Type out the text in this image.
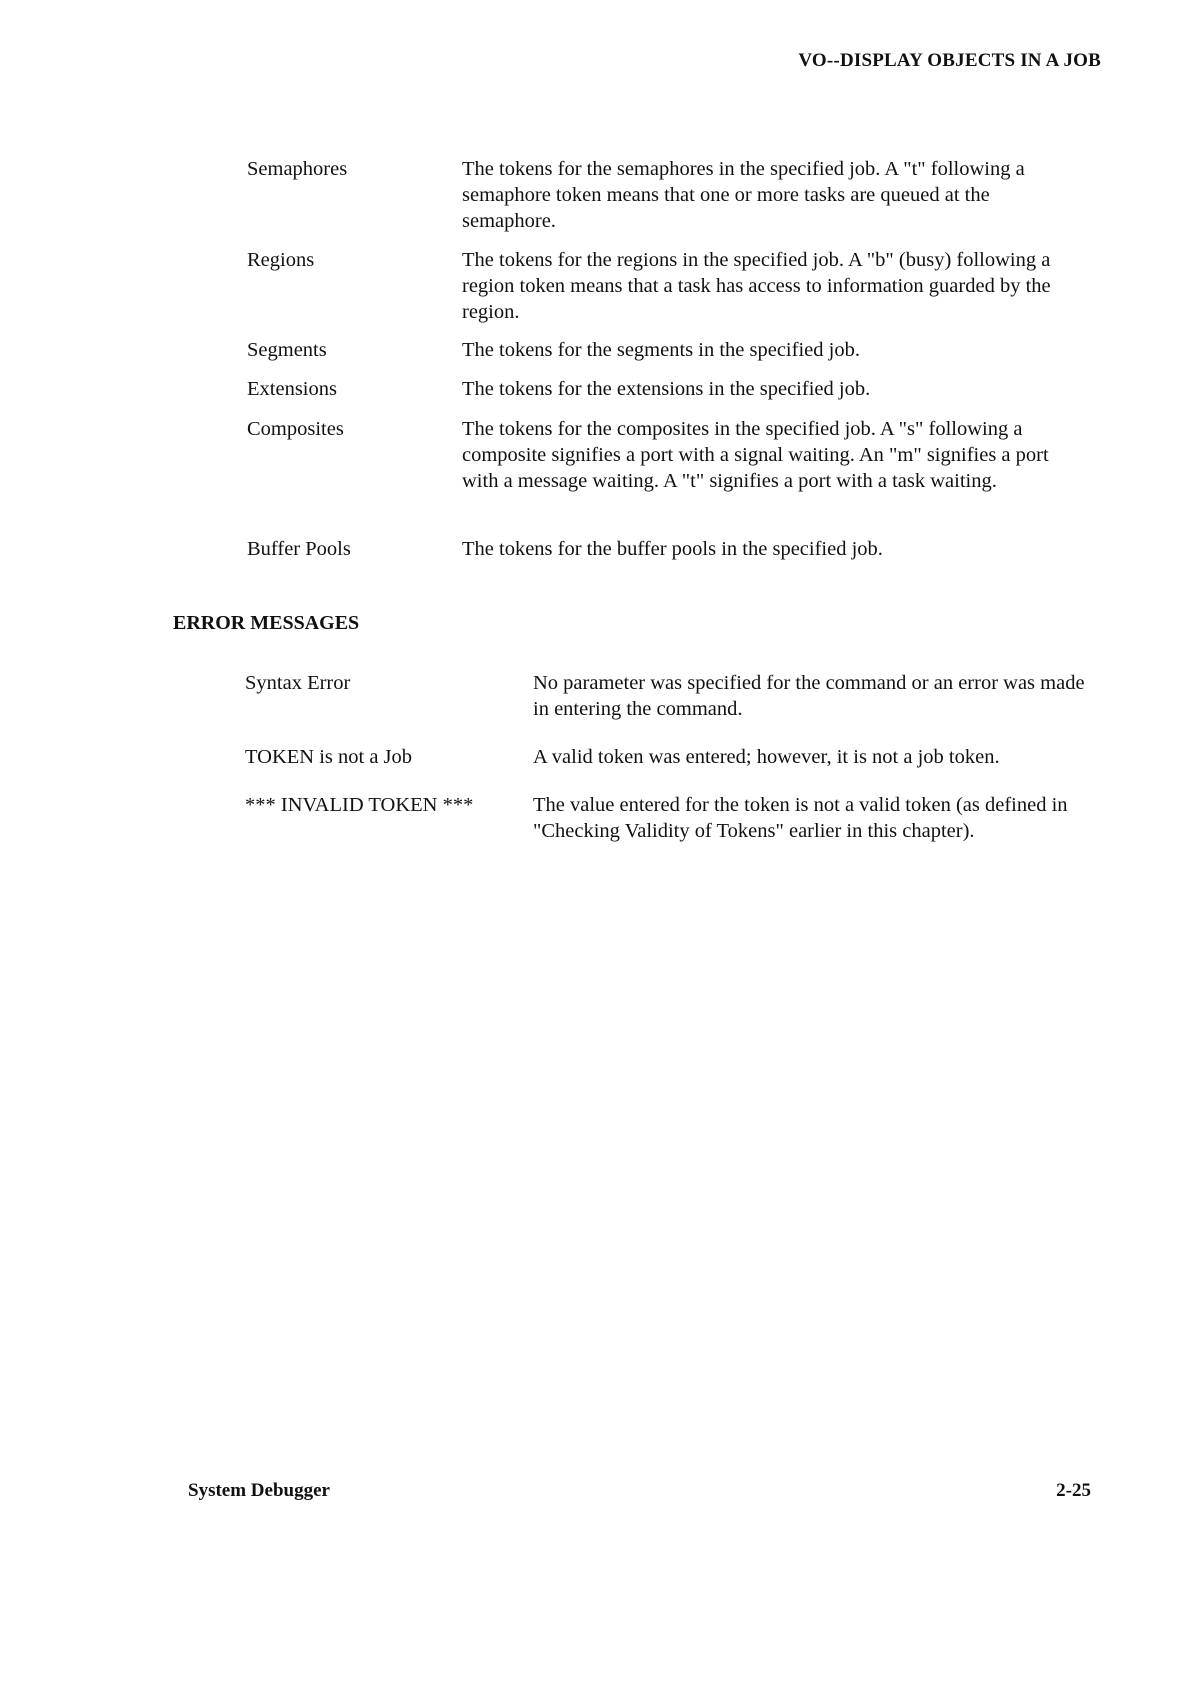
VO--DISPLAY OBJECTS IN A JOB
Semaphores	The tokens for the semaphores in the specified job. A "t" following a semaphore token means that one or more tasks are queued at the semaphore.
Regions	The tokens for the regions in the specified job. A "b" (busy) following a region token means that a task has access to information guarded by the region.
Segments	The tokens for the segments in the specified job.
Extensions	The tokens for the extensions in the specified job.
Composites	The tokens for the composites in the specified job. A "s" following a composite signifies a port with a signal waiting. An "m" signifies a port with a message waiting. A "t" signifies a port with a task waiting.
Buffer Pools	The tokens for the buffer pools in the specified job.
ERROR MESSAGES
Syntax Error	No parameter was specified for the command or an error was made in entering the command.
TOKEN is not a Job	A valid token was entered; however, it is not a job token.
*** INVALID TOKEN ***	The value entered for the token is not a valid token (as defined in "Checking Validity of Tokens" earlier in this chapter).
System Debugger	2-25
